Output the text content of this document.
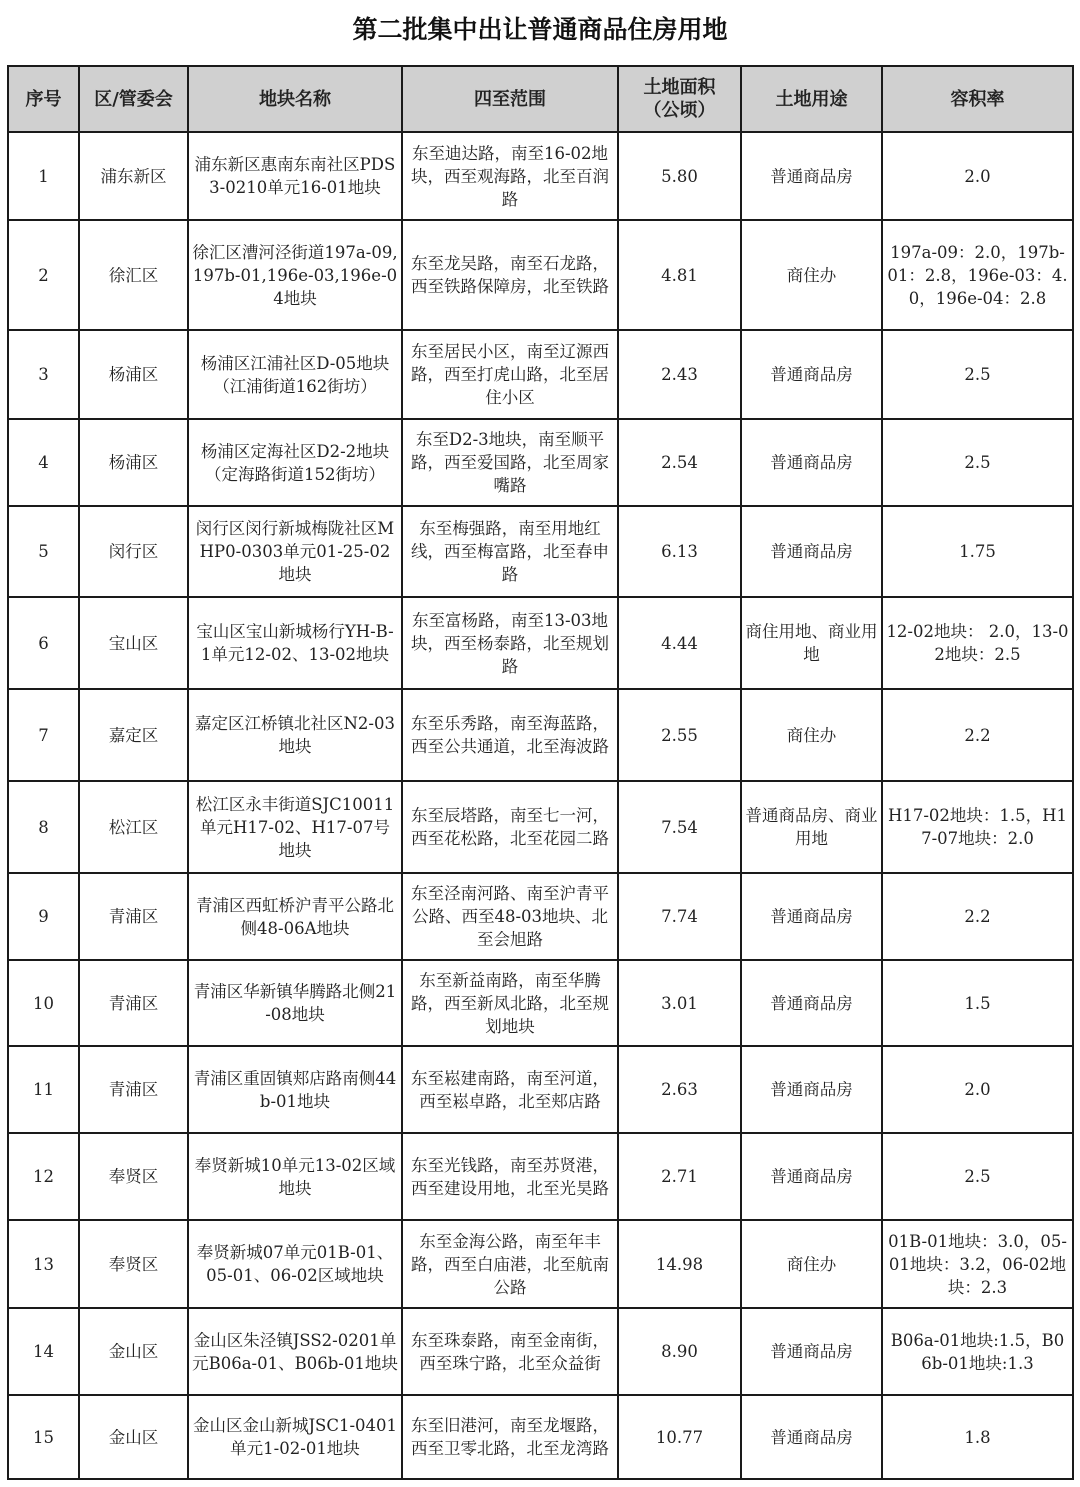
第二批集中出让普通商品住房用地
序号	区/管委会	地块名称	四至范围	土地面积（公顷）	土地用途	容积率
1	浦东新区	浦东新区惠南东南社区PDS3-0210单元16-01地块	东至迪达路，南至16-02地块，西至观海路，北至百润路	5.80	普通商品房	2.0
2	徐汇区	徐汇区漕河泾街道197a-09,197b-01,196e-03,196e-04地块	东至龙吴路，南至石龙路，西至铁路保障房，北至铁路	4.81	商住办	197a-09：2.0，197b-01：2.8，196e-03：4.0，196e-04：2.8
3	杨浦区	杨浦区江浦社区D-05地块（江浦街道162街坊）	东至居民小区，南至辽源西路，西至打虎山路，北至居住小区	2.43	普通商品房	2.5
4	杨浦区	杨浦区定海社区D2-2地块（定海路街道152街坊）	东至D2-3地块，南至顺平路，西至爱国路，北至周家嘴路	2.54	普通商品房	2.5
5	闵行区	闵行区闵行新城梅陇社区MHP0-0303单元01-25-02地块	东至梅强路，南至用地红线，西至梅富路，北至春申路	6.13	普通商品房	1.75
6	宝山区	宝山区宝山新城杨行YH-B-1单元12-02、13-02地块	东至富杨路，南至13-03地块，西至杨泰路，北至规划路	4.44	商住用地、商业用地	12-02地块： 2.0，13-02地块：2.5
7	嘉定区	嘉定区江桥镇北社区N2-03地块	东至乐秀路，南至海蓝路，西至公共通道，北至海波路	2.55	商住办	2.2
8	松江区	松江区永丰街道SJC10011单元H17-02、H17-07号地块	东至辰塔路，南至七一河，西至花松路，北至花园二路	7.54	普通商品房、商业用地	H17-02地块：1.5，H17-07地块：2.0
9	青浦区	青浦区西虹桥沪青平公路北侧48-06A地块	东至泾南河路、南至沪青平公路、西至48-03地块、北至会旭路	7.74	普通商品房	2.2
10	青浦区	青浦区华新镇华腾路北侧21-08地块	东至新益南路，南至华腾路，西至新凤北路，北至规划地块	3.01	普通商品房	1.5
11	青浦区	青浦区重固镇郏店路南侧44b-01地块	东至崧建南路，南至河道，西至崧卓路，北至郏店路	2.63	普通商品房	2.0
12	奉贤区	奉贤新城10单元13-02区域地块	东至光钱路，南至苏贤港，西至建设用地，北至光昊路	2.71	普通商品房	2.5
13	奉贤区	奉贤新城07单元01B-01、05-01、06-02区域地块	东至金海公路，南至年丰路，西至白庙港，北至航南公路	14.98	商住办	01B-01地块：3.0，05-01地块：3.2，06-02地块：2.3
14	金山区	金山区朱泾镇JSS2-0201单元B06a-01、B06b-01地块	东至珠泰路，南至金南街，西至珠宁路，北至众益街	8.90	普通商品房	B06a-01地块:1.5，B06b-01地块:1.3
15	金山区	金山区金山新城JSC1-0401单元1-02-01地块	东至旧港河，南至龙堰路，西至卫零北路，北至龙湾路	10.77	普通商品房	1.8
